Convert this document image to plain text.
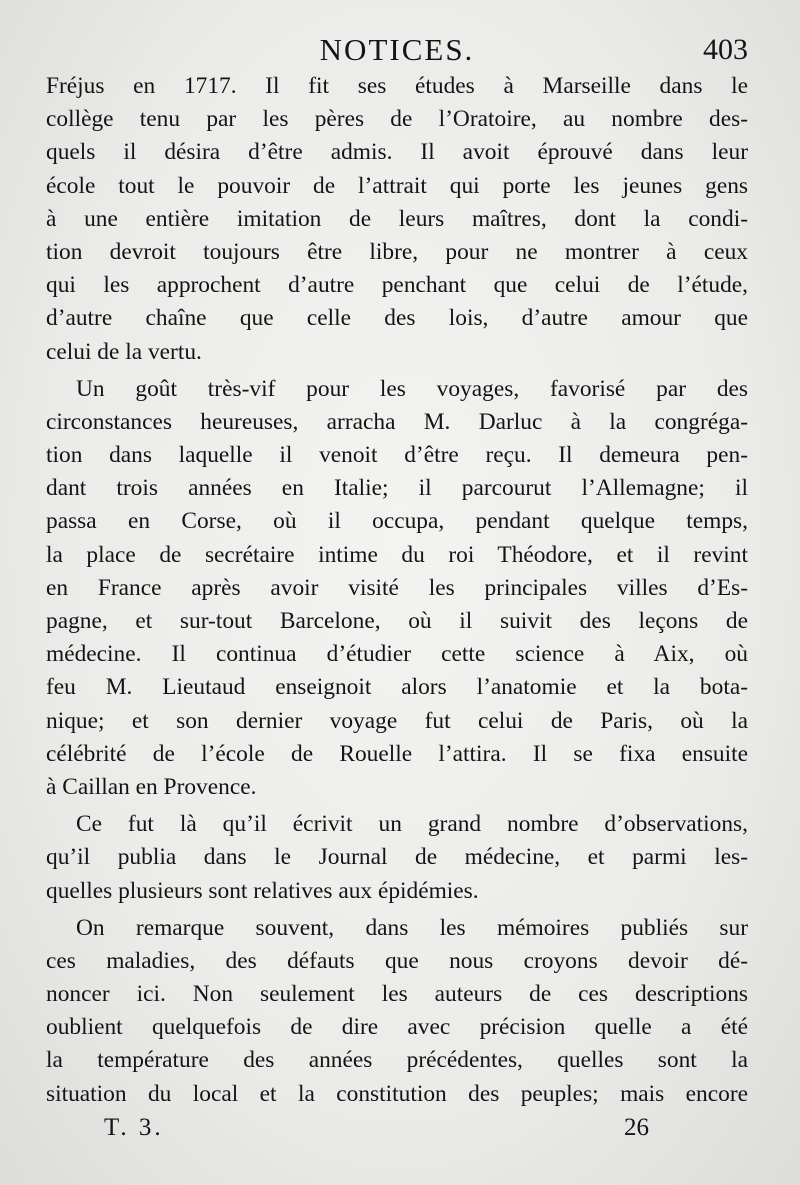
NOTICES.	403
Fréjus en 1717. Il fit ses études à Marseille dans le
collège tenu par les pères de l’Oratoire, au nombre des-
quels il désira d’être admis. Il avoit éprouvé dans leur
école tout le pouvoir de l’attrait qui porte les jeunes gens
à une entière imitation de leurs maîtres, dont la condi-
tion devroit toujours être libre, pour ne montrer à ceux
qui les approchent d’autre penchant que celui de l’étude,
d’autre chaîne que celle des lois, d’autre amour que
celui de la vertu.
Un goût très-vif pour les voyages, favorisé par des
circonstances heureuses, arracha M. Darluc à la congréga-
tion dans laquelle il venoit d’être reçu. Il demeura pen-
dant trois années en Italie; il parcourut l’Allemagne; il
passa en Corse, où il occupa, pendant quelque temps,
la place de secrétaire intime du roi Théodore, et il revint
en France après avoir visité les principales villes d’Es-
pagne, et sur-tout Barcelone, où il suivit des leçons de
médecine. Il continua d’étudier cette science à Aix, où
feu M. Lieutaud enseignoit alors l’anatomie et la bota-
nique; et son dernier voyage fut celui de Paris, où la
célébrité de l’école de Rouelle l’attira. Il se fixa ensuite
à Caillan en Provence.
Ce fut là qu’il écrivit un grand nombre d’observations,
qu’il publia dans le Journal de médecine, et parmi les-
quelles plusieurs sont relatives aux épidémies.
On remarque souvent, dans les mémoires publiés sur
ces maladies, des défauts que nous croyons devoir dé-
noncer ici. Non seulement les auteurs de ces descriptions
oublient quelquefois de dire avec précision quelle a été
la température des années précédentes, quelles sont la
situation du local et la constitution des peuples; mais encore
T. 3.	26
